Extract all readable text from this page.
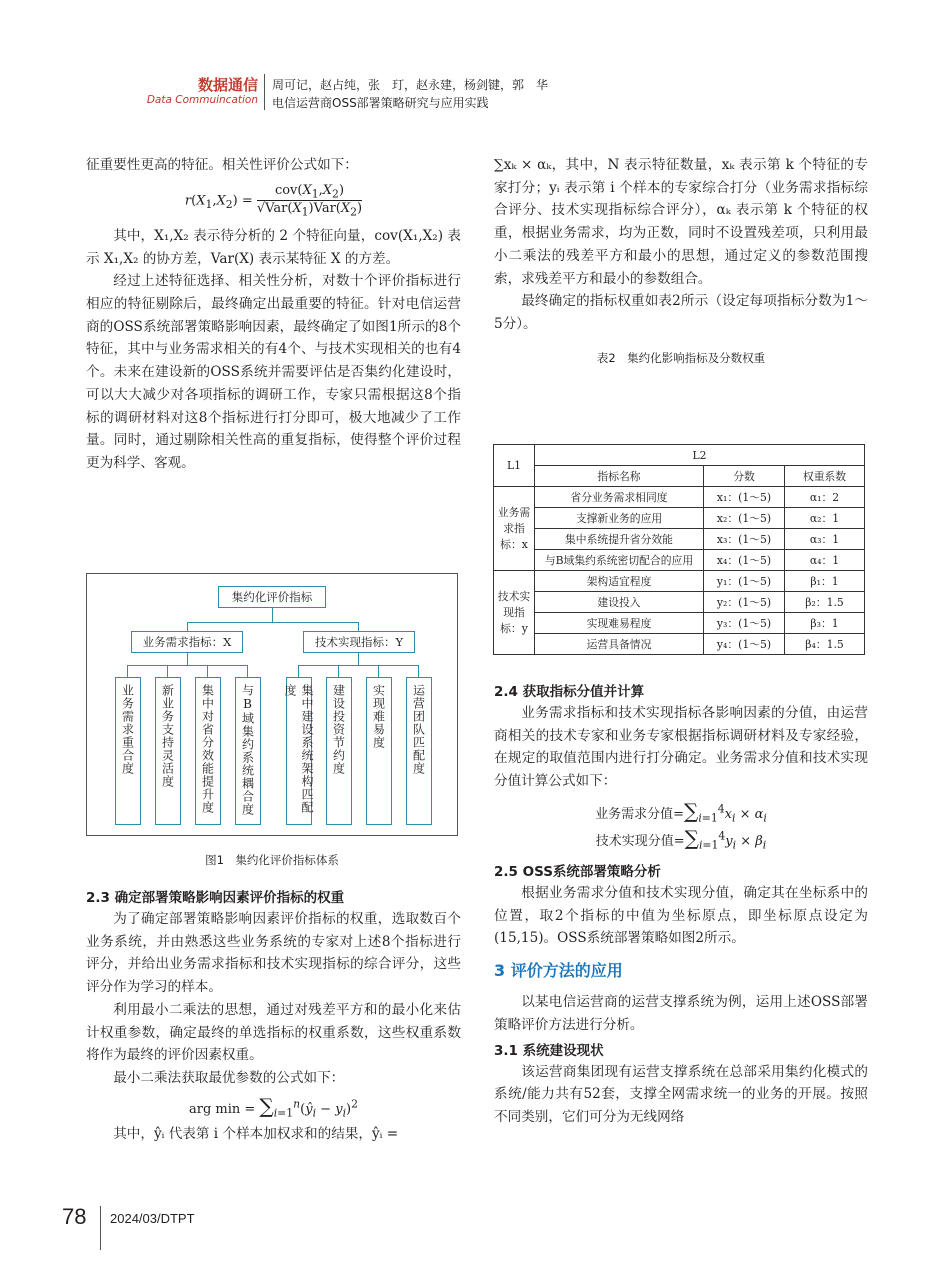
数据通信
Data Commuincation
周可记，赵占纯，张　玎，赵永建，杨剑键，郭　华
电信运营商OSS部署策略研究与应用实践

征重要性更高的特征。相关性评价公式如下：

$r(X_1,X_2)$ =
$cov(X_1,X_2)$
$√Var(X_1)Var(X_2)$

其中，X₁,X₂ 表示待分析的 2 个特征向量，cov(X₁,X₂) 表示 X₁,X₂ 的协方差，Var(X) 表示某特征 X 的方差。

经过上述特征选择、相关性分析，对数十个评价指标进行相应的特征剔除后，最终确定出最重要的特征。针对电信运营商的OSS系统部署策略影响因素，最终确定了如图1所示的8个特征，其中与业务需求相关的有4个、与技术实现相关的也有4个。未来在建设新的OSS系统并需要评估是否集约化建设时，可以大大减少对各项指标的调研工作，专家只需根据这8个指标的调研材料对这8个指标进行打分即可，极大地减少了工作量。同时，通过剔除相关性高的重复指标，使得整个评价过程更为科学、客观。

集约化评价指标
业务需求指标：X	技术实现指标：Y
业务需求重合度	新业务支持灵活度	集中对省分效能提升度	与B域集约系统耦合度	集中建设系统架构匹配度	建设投资节约度	实现难易度	运营团队匹配度
图1　集约化评价指标体系
2.3 确定部署策略影响因素评价指标的权重

为了确定部署策略影响因素评价指标的权重，选取数百个业务系统，并由熟悉这些业务系统的专家对上述8个指标进行评分，并给出业务需求指标和技术实现指标的综合评分，这些评分作为学习的样本。

利用最小二乘法的思想，通过对残差平方和的最小化来估计权重参数，确定最终的单选指标的权重系数，这些权重系数将作为最终的评价因素权重。

最小二乘法获取最优参数的公式如下：

arg $\min = \sum_{i=1}^n(ŷ_i - y_i)^2$

其中，ŷᵢ 代表第 i 个样本加权求和的结果，ŷᵢ =

∑xₖ × αₖ，其中，N 表示特征数量，xₖ 表示第 k 个特征的专家打分；yᵢ 表示第 i 个样本的专家综合打分（业务需求指标综合评分、技术实现指标综合评分），αₖ 表示第 k 个特征的权重，根据业务需求，均为正数，同时不设置残差项，只利用最小二乘法的残差平方和最小的思想，通过定义的参数范围搜索，求残差平方和最小的参数组合。

最终确定的指标权重如表2所示（设定每项指标分数为1～5分）。

表2　集约化影响指标及分数权重
L1	L2		
	指标名称	分数	权重系数
业务需求指标：x	省分业务需求相同度	x₁：(1～5)	α₁：2
	支撑新业务的应用	x₂：(1～5)	α₂：1
	集中系统提升省分效能	x₃：(1～5)	α₃：1
	与B域集约系统密切配合的应用	x₄：(1～5)	α₄：1
技术实现指标：y	架构适宜程度	y₁：(1～5)	β₁：1
	建设投入	y₂：(1～5)	β₂：1.5
	实现难易程度	y₃：(1～5)	β₃：1
	运营具备情况	y₄：(1～5)	β₄：1.5
2.4 获取指标分值并计算

业务需求指标和技术实现指标各影响因素的分值，由运营商相关的技术专家和业务专家根据指标调研材料及专家经验，在规定的取值范围内进行打分确定。业务需求分值和技术实现分值计算公式如下：

业务需求分值$=\sum_{i=1}^4x_i \times \alpha_i$
技术实现分值$=\sum_{i=1}^4y_i \times \beta_i$
2.5 OSS系统部署策略分析

根据业务需求分值和技术实现分值，确定其在坐标系中的位置，取2个指标的中值为坐标原点，即坐标原点设定为(15,15)。OSS系统部署策略如图2所示。

3 评价方法的应用

以某电信运营商的运营支撑系统为例，运用上述OSS部署策略评价方法进行分析。

3.1 系统建设现状

该运营商集团现有运营支撑系统在总部采用集约化模式的系统/能力共有52套，支撑全网需求统一的业务的开展。按照不同类别，它们可分为无线网络

78 2024/03/DTPT
